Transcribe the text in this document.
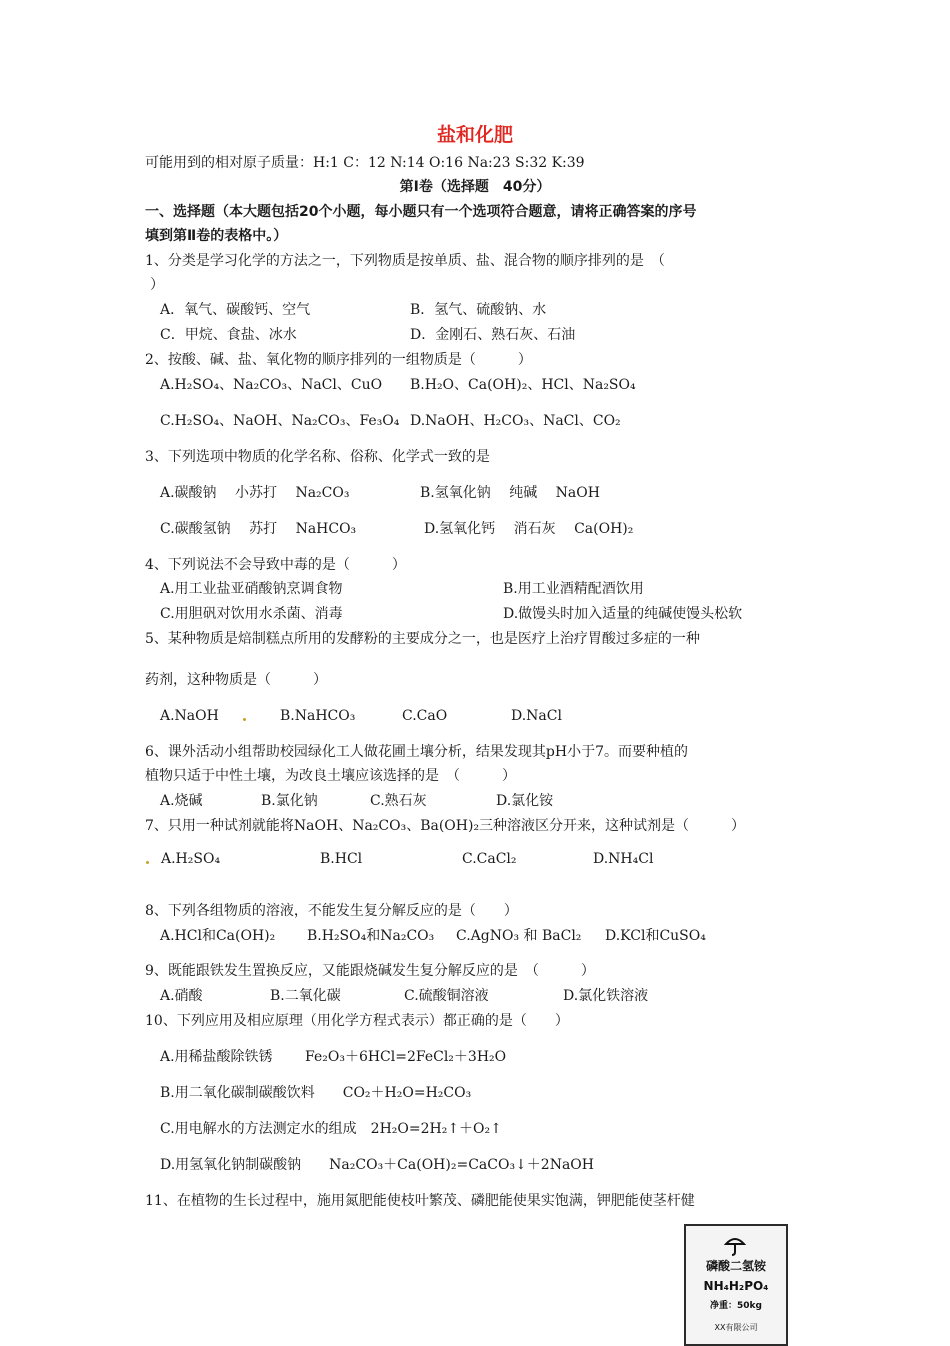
盐和化肥
可能用到的相对原子质量：H:1 C：12 N:14 O:16 Na:23 S:32 K:39
第Ⅰ卷（选择题　40分）
一、选择题（本大题包括20个小题，每小题只有一个选项符合题意，请将正确答案的序号
填到第Ⅱ卷的表格中。）
1、分类是学习化学的方法之一，下列物质是按单质、盐、混合物的顺序排列的是　（
）
A．氧气、碳酸钙、空气	B．氢气、硫酸钠、水
C．甲烷、食盐、冰水	D．金刚石、熟石灰、石油
2、按酸、碱、盐、氧化物的顺序排列的一组物质是（　　　）
A.H₂SO₄、Na₂CO₃、NaCl、CuO B.H₂O、Ca(OH)₂、HCl、Na₂SO₄
C.H₂SO₄、NaOH、Na₂CO₃、Fe₃O₄ D.NaOH、H₂CO₃、NaCl、CO₂
3、下列选项中物质的化学名称、俗称、化学式一致的是
A.碳酸钠　 小苏打　 Na₂CO₃	B.氢氧化钠　 纯碱　 NaOH
C.碳酸氢钠　 苏打　 NaHCO₃	D.氢氧化钙　 消石灰　 Ca(OH)₂
4、下列说法不会导致中毒的是（　　　）
A.用工业盐亚硝酸钠烹调食物	B.用工业酒精配酒饮用
C.用胆矾对饮用水杀菌、消毒	D.做馒头时加入适量的纯碱使馒头松软
5、某种物质是焙制糕点所用的发酵粉的主要成分之一，也是医疗上治疗胃酸过多症的一种
药剂，这种物质是（　　　）
A.NaOH	B.NaHCO₃	C.CaO	D.NaCl
6、课外活动小组帮助校园绿化工人做花圃土壤分析，结果发现其pH小于7。而要种植的
植物只适于中性土壤，为改良土壤应该选择的是　（　　　）
A.烧碱	B.氯化钠	C.熟石灰	D.氯化铵
7、只用一种试剂就能将NaOH、Na₂CO₃、Ba(OH)₂三种溶液区分开来，这种试剂是（　　　）
A.H₂SO₄	B.HCl	C.CaCl₂	D.NH₄Cl
8、下列各组物质的溶液，不能发生复分解反应的是（　　）
A.HCl和Ca(OH)₂ B.H₂SO₄和Na₂CO₃ C.AgNO₃ 和 BaCl₂ D.KCl和CuSO₄
9、既能跟铁发生置换反应，又能跟烧碱发生复分解反应的是　（　　　）
A.硝酸	B.二氧化碳	C.硫酸铜溶液	D.氯化铁溶液
10、下列应用及相应原理（用化学方程式表示）都正确的是（　　）
A.用稀盐酸除铁锈　　 Fe₂O₃＋6HCl=2FeCl₂＋3H₂O
B.用二氧化碳制碳酸饮料　　CO₂＋H₂O=H₂CO₃
C.用电解水的方法测定水的组成　2H₂O=2H₂↑＋O₂↑
D.用氢氧化钠制碳酸钠　　Na₂CO₃＋Ca(OH)₂=CaCO₃↓＋2NaOH
11、在植物的生长过程中，施用氮肥能使枝叶繁茂、磷肥能使果实饱满，钾肥能使茎杆健
磷酸二氢铵
NH₄H₂PO₄
净重：50kg
XX有限公司
